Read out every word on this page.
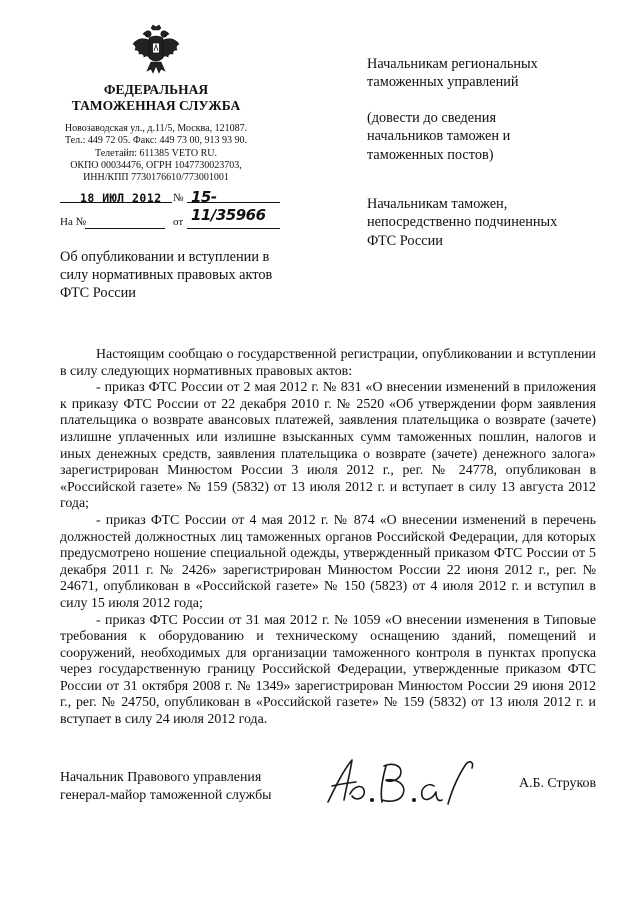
ФЕДЕРАЛЬНАЯ
ТАМОЖЕННАЯ СЛУЖБА
Новозаводская ул., д.11/5, Москва, 121087.
Тел.: 449 72 05. Факс: 449 73 00, 913 93 90.
Телетайп: 611385 VETO RU.
ОКПО 00034476, ОГРН 1047730023703,
ИНН/КПП 7730176610/773001001
18 ИЮЛ 2012 № 15-11/35966
На №	от
Об опубликовании и вступлении в
силу нормативных правовых актов
ФТС России
Начальникам региональных
таможенных управлений
(довести до сведения
начальников таможен и
таможенных постов)
Начальникам таможен,
непосредственно подчиненных
ФТС России

Настоящим сообщаю о государственной регистрации, опубликовании и вступлении в силу следующих нормативных правовых актов:

- приказ ФТС России от 2 мая 2012 г. № 831 «О внесении изменений в приложения к приказу ФТС России от 22 декабря 2010 г. № 2520 «Об утверждении форм заявления плательщика о возврате авансовых платежей, заявления плательщика о возврате (зачете) излишне уплаченных или излишне взысканных сумм таможенных пошлин, налогов и иных денежных средств, заявления плательщика о возврате (зачете) денежного залога» зарегистрирован Минюстом России 3 июля 2012 г., рег. № 24778, опубликован в «Российской газете» № 159 (5832) от 13 июля 2012 г. и вступает в силу 13 августа 2012 года;

- приказ ФТС России от 4 мая 2012 г. № 874 «О внесении изменений в перечень должностей должностных лиц таможенных органов Российской Федерации, для которых предусмотрено ношение специальной одежды, утвержденный приказом ФТС России от 5 декабря 2011 г. № 2426» зарегистрирован Минюстом России 22 июня 2012 г., рег. № 24671, опубликован в «Российской газете» № 150 (5823) от 4 июля 2012 г. и вступил в силу 15 июля 2012 года;

- приказ ФТС России от 31 мая 2012 г. № 1059 «О внесении изменения в Типовые требования к оборудованию и техническому оснащению зданий, помещений и сооружений, необходимых для организации таможенного контроля в пунктах пропуска через государственную границу Российской Федерации, утвержденные приказом ФТС России от 31 октября 2008 г. № 1349» зарегистрирован Минюстом России 29 июня 2012 г., рег. № 24750, опубликован в «Российской газете» № 159 (5832) от 13 июля 2012 г. и вступает в силу 24 июля 2012 года.

Начальник Правового управления
генерал-майор таможенной службы
А.Б. Струков
